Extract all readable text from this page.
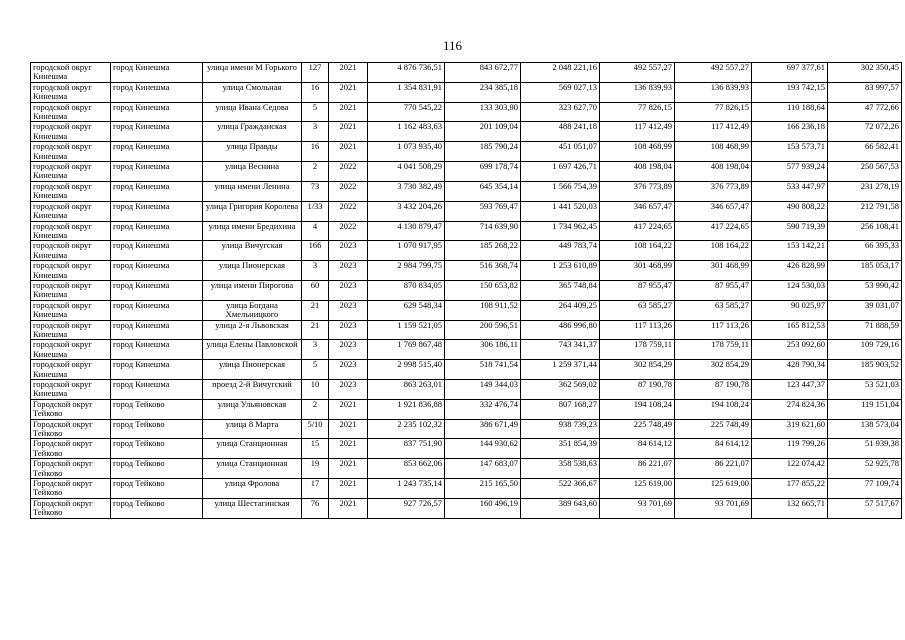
116
городской округ Кинешма	город Кинешма	улица имени М Горького	127	2021	4 876 736,51	843 672,77	2 048 221,16	492 557,27	492 557,27	697 377,61	302 350,45
городской округ Кинешма	город Кинешма	улица Смольная	16	2021	1 354 831,91	234 385,18	569 027,13	136 839,93	136 839,93	193 742,15	83 997,57
городской округ Кинешма	город Кинешма	улица Ивана Седова	5	2021	770 545,22	133 303,90	323 627,70	77 826,15	77 826,15	110 188,64	47 772,66
городской округ Кинешма	город Кинешма	улица Гражданская	3	2021	1 162 483,63	201 109,04	488 241,18	117 412,49	117 412,49	166 236,18	72 072,26
городской округ Кинешма	город Кинешма	улица Правды	16	2021	1 073 935,40	185 790,24	451 051,07	108 468,99	108 468,99	153 573,71	66 582,41
городской округ Кинешма	город Кинешма	улица Веснина	2	2022	4 041 508,29	699 178,74	1 697 426,71	408 198,04	408 198,04	577 939,24	250 567,53
городской округ Кинешма	город Кинешма	улица имени Ленина	73	2022	3 730 382,49	645 354,14	1 566 754,39	376 773,89	376 773,89	533 447,97	231 278,19
городской округ Кинешма	город Кинешма	улица Григория Королева	1/33	2022	3 432 204,26	593 769,47	1 441 520,03	346 657,47	346 657,47	490 808,22	212 791,58
городской округ Кинешма	город Кинешма	улица имени Бредихина	4	2022	4 130 879,47	714 639,90	1 734 962,45	417 224,65	417 224,65	590 719,39	256 108,41
городской округ Кинешма	город Кинешма	улица Вичугская	166	2023	1 070 917,95	185 268,22	449 783,74	108 164,22	108 164,22	153 142,21	66 395,33
городской округ Кинешма	город Кинешма	улица Пионерская	3	2023	2 984 799,75	516 368,74	1 253 610,89	301 468,99	301 468,99	426 828,99	185 053,17
городской округ Кинешма	город Кинешма	улица имени Пирогова	60	2023	870 834,05	150 653,82	365 748,84	87 955,47	87 955,47	124 530,03	53 990,42
городской округ Кинешма	город Кинешма	улица Богдана Хмельницкого	21	2023	629 548,34	108 911,52	264 409,25	63 585,27	63 585,27	90 025,97	39 031,07
городской округ Кинешма	город Кинешма	улица 2-я Львовская	21	2023	1 159 521,05	200 596,51	486 996,80	117 113,26	117 113,26	165 812,53	71 888,59
городской округ Кинешма	город Кинешма	улица Елены Павловской	3	2023	1 769 867,48	306 186,11	743 341,37	178 759,11	178 759,11	253 092,60	109 729,16
городской округ Кинешма	город Кинешма	улица Пионерская	5	2023	2 998 515,40	518 741,54	1 259 371,44	302 854,29	302 854,29	428 790,34	185 903,52
городской округ Кинешма	город Кинешма	проезд 2-й Вичугский	10	2023	863 263,01	149 344,03	362 569,02	87 190,78	87 190,78	123 447,37	53 521,03
Городской округ Тейково	город Тейково	улица Ульяновская	2	2021	1 921 836,88	332 476,74	807 168,27	194 108,24	194 108,24	274 824,36	119 151,04
Городской округ Тейково	город Тейково	улица 8 Марта	5/10	2021	2 235 102,32	386 671,49	938 739,23	225 748,49	225 748,49	319 621,60	138 573,04
Городской округ Тейково	город Тейково	улица Станционная	15	2021	837 751,90	144 930,62	351 854,39	84 614,12	84 614,12	119 799,26	51 939,38
Городской округ Тейково	город Тейково	улица Станционная	19	2021	853 662,06	147 683,07	358 538,63	86 221,07	86 221,07	122 074,42	52 925,78
Городской округ Тейково	город Тейково	улица Фролова	17	2021	1 243 735,14	215 165,50	522 366,67	125 619,00	125 619,00	177 855,22	77 109,74
Городской округ Тейково	город Тейково	улица Шестагинская	76	2021	927 726,57	160 496,19	389 643,60	93 701,69	93 701,69	132 665,71	57 517,67
